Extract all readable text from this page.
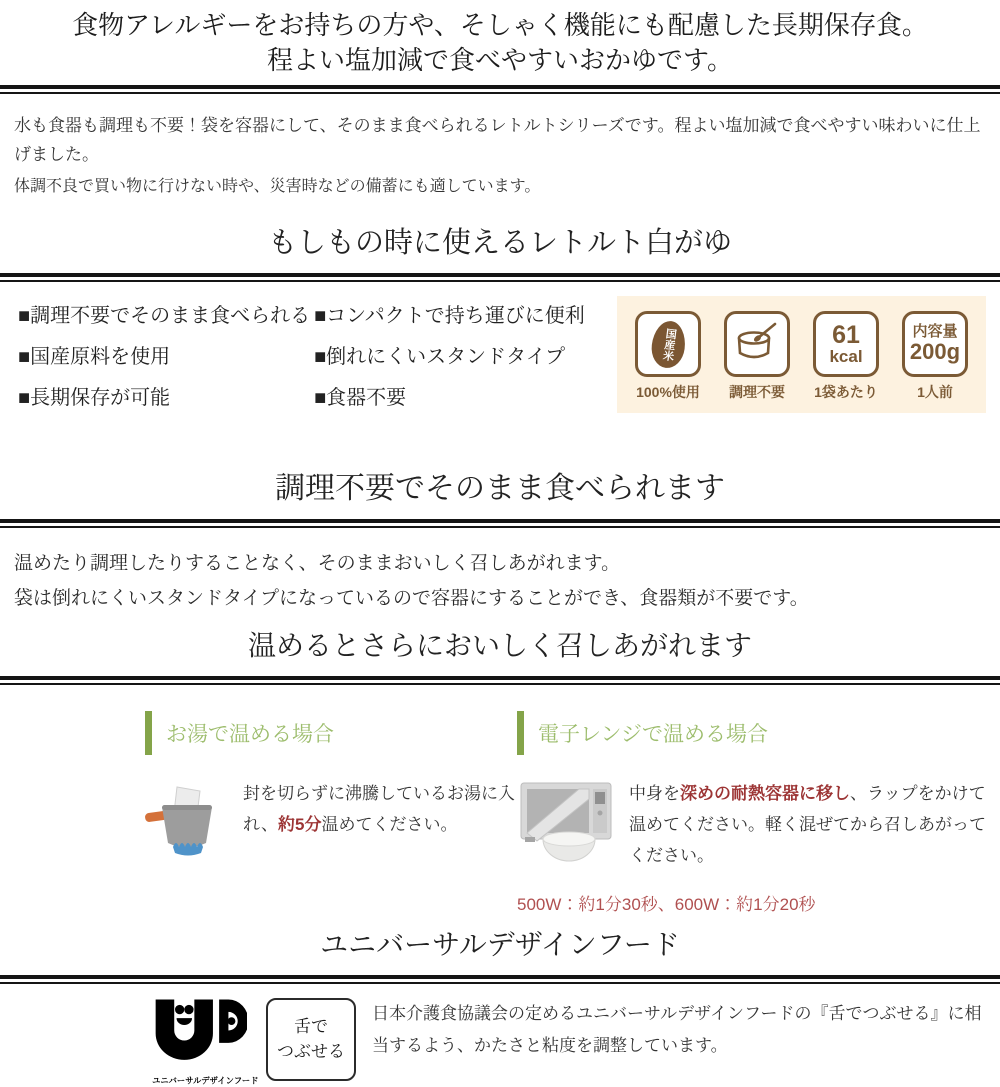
食物アレルギーをお持ちの方や、そしゃく機能にも配慮した長期保存食。
程よい塩加減で食べやすいおかゆです。
水も食器も調理も不要！袋を容器にして、そのまま食べられるレトルトシリーズです。程よい塩加減で食べやすい味わいに仕上げました。
体調不良で買い物に行けない時や、災害時などの備蓄にも適しています。
もしもの時に使えるレトルト白がゆ
■調理不要でそのまま食べられる
■国産原料を使用
■長期保存が可能
■コンパクトで持ち運びに便利
■倒れにくいスタンドタイプ
■食器不要
国産米
100%使用	調理不要
61
kcal
1袋あたり
内容量
200g
1人前
調理不要でそのまま食べられます
温めたり調理したりすることなく、そのままおいしく召しあがれます。
袋は倒れにくいスタンドタイプになっているので容器にすることができ、食器類が不要です。
温めるとさらにおいしく召しあがれます
お湯で温める場合
封を切らずに沸騰しているお湯に入れ、約5分温めてください。
電子レンジで温める場合
中身を深めの耐熱容器に移し、ラップをかけて温めてください。軽く混ぜてから召しあがってください。
500W：約1分30秒、600W：約1分20秒
ユニバーサルデザインフード
ユニバーサルデザインフード
舌で
つぶせる
日本介護食協議会の定めるユニバーサルデザインフードの『舌でつぶせる』に相当するよう、かたさと粘度を調整しています。
